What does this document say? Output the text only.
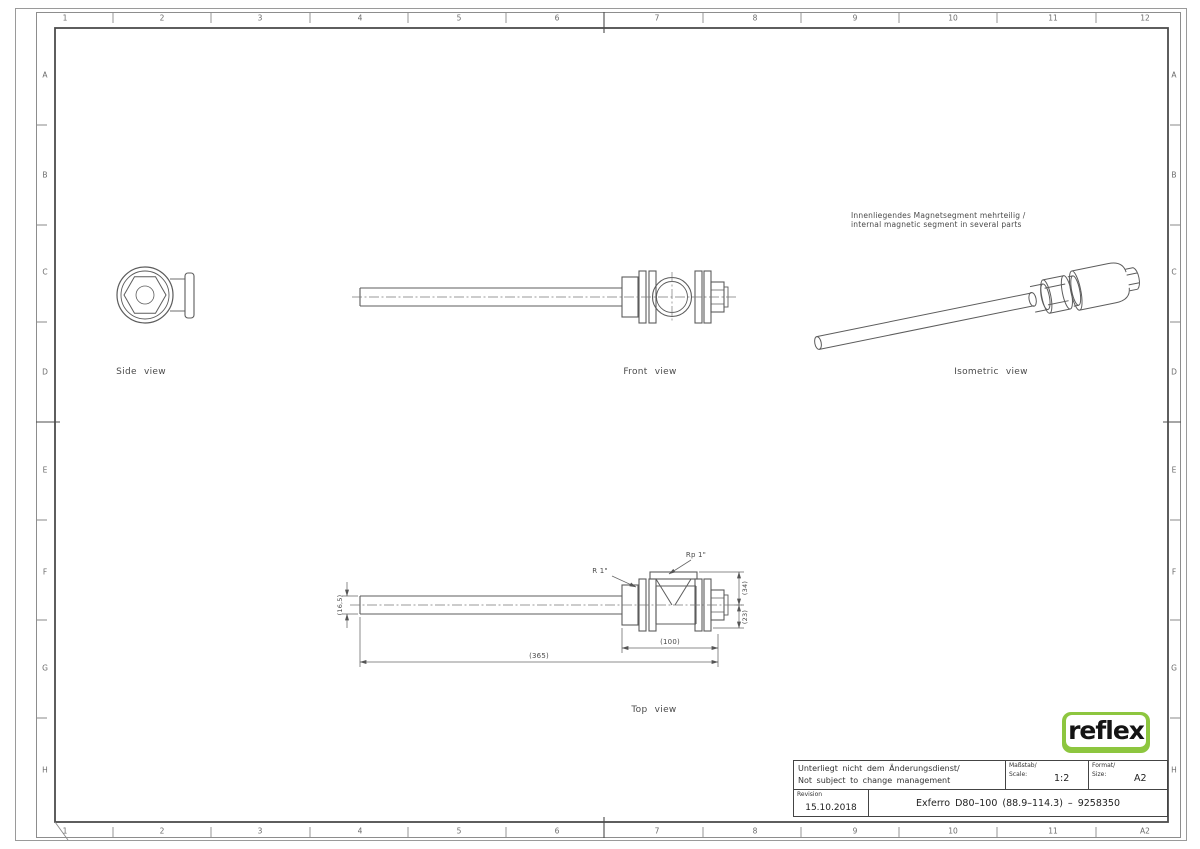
1	2	3	4	5	6	7	8	9	10	11	12
1	2	3	4	5	6	7	8	9	10	11	A2
A
B
C
D
E
F
G
H
A
B
C
D
E
F
G
H
Side view	Front view	Isometric view
Top view
Innenliegendes Magnetsegment mehrteilig /
internal magnetic segment in several parts
(16,5)
(365)
(100)
(34)
(23)
R 1"
Rp 1"
reflex
Unterliegt nicht dem Änderungsdienst/
Not subject to change management
Maßstab/
Scale:	1:2
Format/
Size:	A2
Revision
15.10.2018	Exferro D80–100 (88.9–114.3) – 9258350
